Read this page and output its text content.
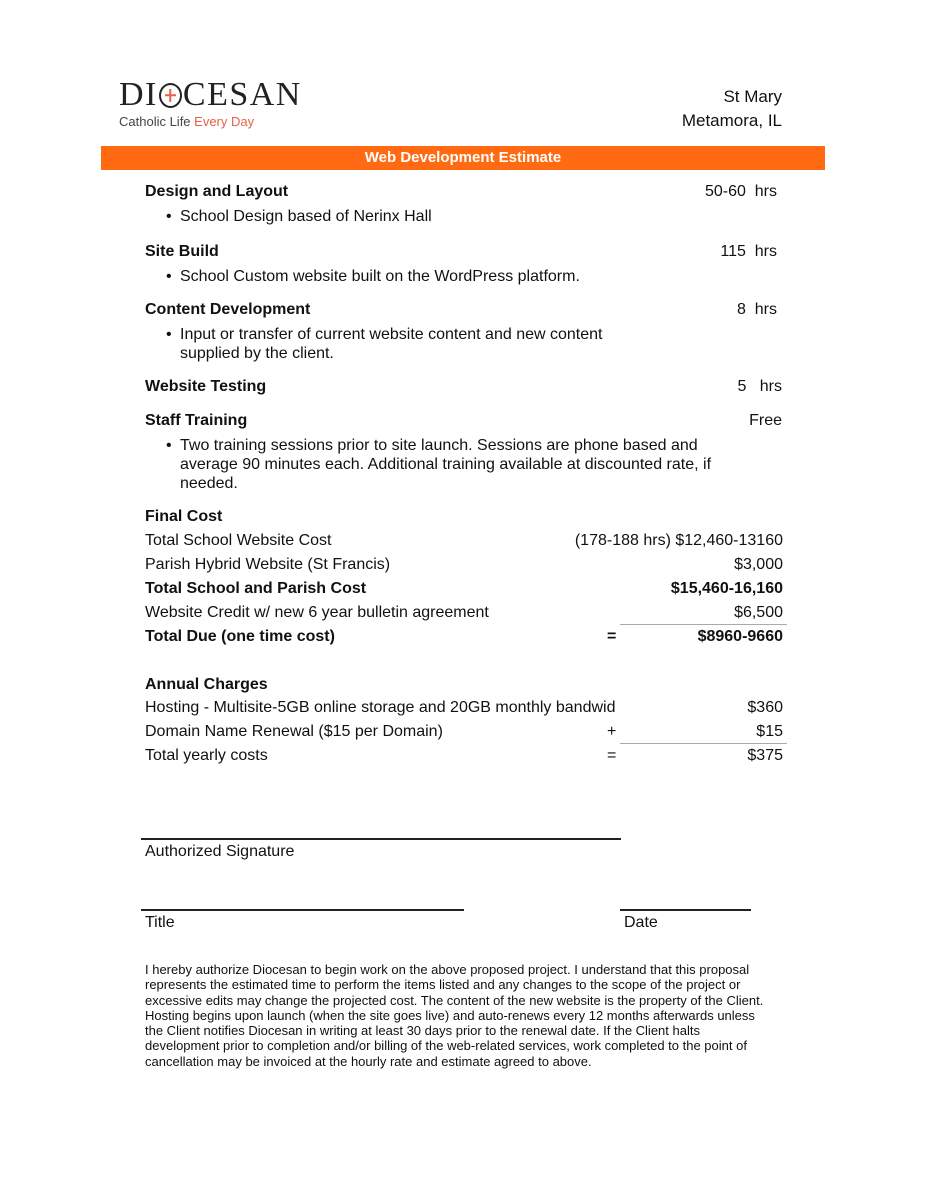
DI CESAN
Catholic Life Every Day
St Mary
Metamora, IL
Web Development Estimate
Design and Layout	50-60  hrs
• School Design based of Nerinx Hall
Site Build	115  hrs
• School Custom website built on the WordPress platform.
Content Development	8  hrs
• Input or transfer of current website content and new content
supplied by the client.
Website Testing	5   hrs
Staff Training	Free
• Two training sessions prior to site launch. Sessions are phone based and
average 90 minutes each. Additional training available at discounted rate, if
needed.
Final Cost
Total School Website Cost	(178-188 hrs) $12,460-13160
Parish Hybrid Website (St Francis)	$3,000
Total School and Parish Cost	$15,460-16,160
Website Credit w/ new 6 year bulletin agreement	$6,500
Total Due (one time cost)	=	$8960-9660
Annual Charges
Hosting - Multisite-5GB online storage and 20GB monthly bandwid	$360
Domain Name Renewal ($15 per Domain)	+	$15
Total yearly costs	=	$375
Authorized Signature
Title	Date
I hereby authorize Diocesan to begin work on the above proposed project. I understand that this proposal
represents the estimated time to perform the items listed and any changes to the scope of the project or
excessive edits may change the projected cost. The content of the new website is the property of the Client.
Hosting begins upon launch (when the site goes live) and auto-renews every 12 months afterwards unless
the Client notifies Diocesan in writing at least 30 days prior to the renewal date. If the Client halts
development prior to completion and/or billing of the web-related services, work completed to the point of
cancellation may be invoiced at the hourly rate and estimate agreed to above.
